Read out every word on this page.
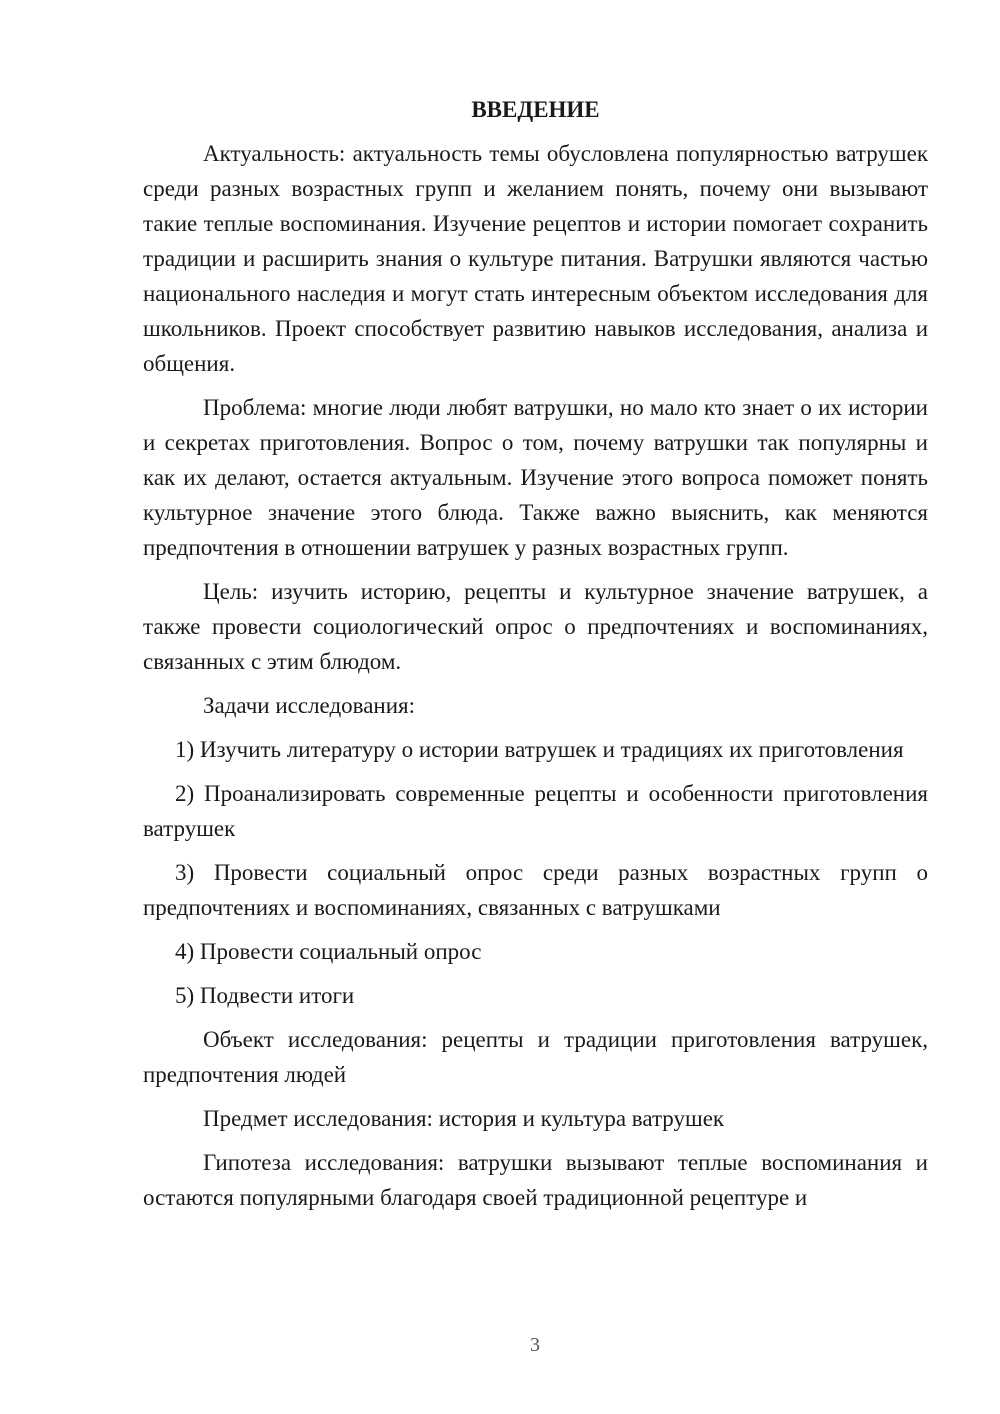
ВВЕДЕНИЕ

Актуальность: актуальность темы обусловлена популярностью ватрушек среди разных возрастных групп и желанием понять, почему они вызывают такие теплые воспоминания. Изучение рецептов и истории помогает сохранить традиции и расширить знания о культуре питания. Ватрушки являются частью национального наследия и могут стать интересным объектом исследования для школьников. Проект способствует развитию навыков исследования, анализа и общения.

Проблема: многие люди любят ватрушки, но мало кто знает о их истории и секретах приготовления. Вопрос о том, почему ватрушки так популярны и как их делают, остается актуальным. Изучение этого вопроса поможет понять культурное значение этого блюда. Также важно выяснить, как меняются предпочтения в отношении ватрушек у разных возрастных групп.

Цель: изучить историю, рецепты и культурное значение ватрушек, а также провести социологический опрос о предпочтениях и воспоминаниях, связанных с этим блюдом.

Задачи исследования:

1) Изучить литературу о истории ватрушек и традициях их приготовления

2) Проанализировать современные рецепты и особенности приготовления ватрушек

3) Провести социальный опрос среди разных возрастных групп о предпочтениях и воспоминаниях, связанных с ватрушками

4) Провести социальный опрос

5) Подвести итоги

Объект исследования: рецепты и традиции приготовления ватрушек, предпочтения людей

Предмет исследования: история и культура ватрушек

Гипотеза исследования: ватрушки вызывают теплые воспоминания и остаются популярными благодаря своей традиционной рецептуре и

3
